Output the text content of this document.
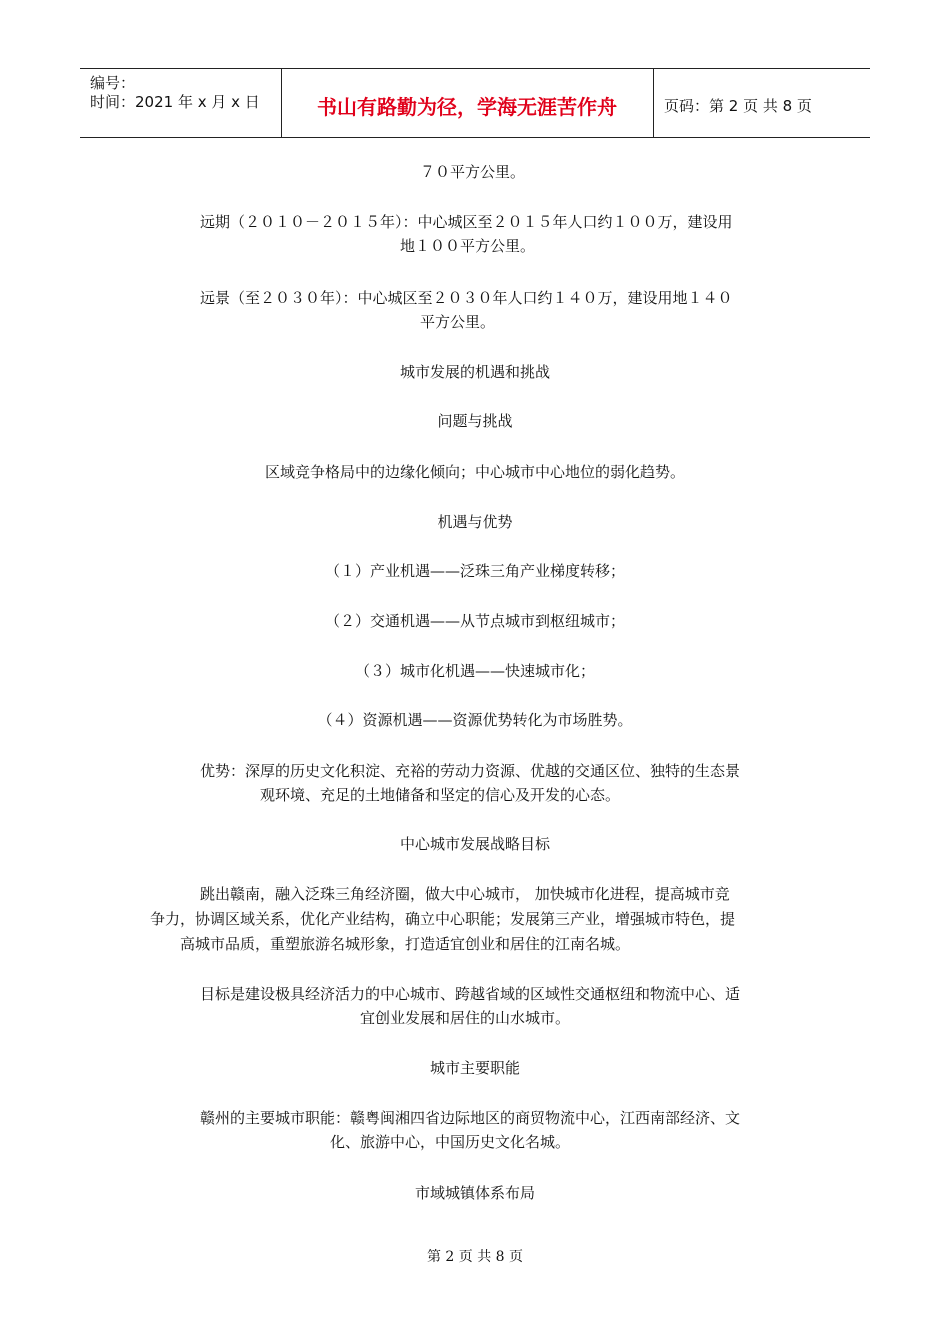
编号：
时间：2021 年 x 月 x 日	书山有路勤为径，学海无涯苦作舟	页码：第 2 页 共 8 页
７０平方公里。
远期（２０１０－２０１５年）：中心城区至２０１５年人口约１００万，建设用
地１００平方公里。
远景（至２０３０年）：中心城区至２０３０年人口约１４０万，建设用地１４０
平方公里。
城市发展的机遇和挑战
问题与挑战
区域竞争格局中的边缘化倾向；中心城市中心地位的弱化趋势。
机遇与优势
（１）产业机遇——泛珠三角产业梯度转移；
（２）交通机遇——从节点城市到枢纽城市；
（３）城市化机遇——快速城市化；
（４）资源机遇——资源优势转化为市场胜势。
优势：深厚的历史文化积淀、充裕的劳动力资源、优越的交通区位、独特的生态景
观环境、充足的土地储备和坚定的信心及开发的心态。
中心城市发展战略目标
跳出赣南，融入泛珠三角经济圈，做大中心城市， 加快城市化进程，提高城市竞
争力，协调区域关系，优化产业结构，确立中心职能；发展第三产业，增强城市特色，提
高城市品质，重塑旅游名城形象，打造适宜创业和居住的江南名城。
目标是建设极具经济活力的中心城市、跨越省域的区域性交通枢纽和物流中心、适
宜创业发展和居住的山水城市。
城市主要职能
赣州的主要城市职能：赣粤闽湘四省边际地区的商贸物流中心，江西南部经济、文
化、旅游中心，中国历史文化名城。
市域城镇体系布局
第 2 页 共 8 页
